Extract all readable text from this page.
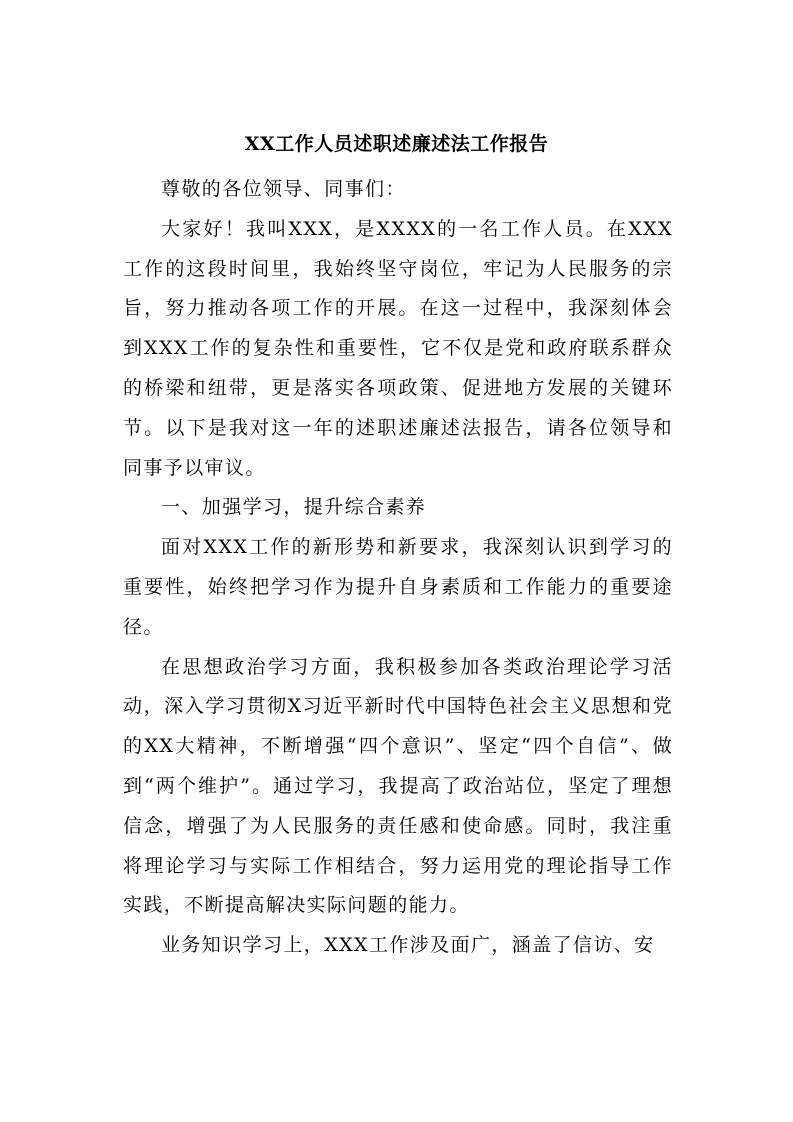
XX工作人员述职述廉述法工作报告

尊敬的各位领导、同事们：

大家好！我叫XXX，是XXXX的一名工作人员。在XXX工作的这段时间里，我始终坚守岗位，牢记为人民服务的宗旨，努力推动各项工作的开展。在这一过程中，我深刻体会到XXX工作的复杂性和重要性，它不仅是党和政府联系群众的桥梁和纽带，更是落实各项政策、促进地方发展的关键环节。以下是我对这一年的述职述廉述法报告，请各位领导和同事予以审议。

一、加强学习，提升综合素养

面对XXX工作的新形势和新要求，我深刻认识到学习的重要性，始终把学习作为提升自身素质和工作能力的重要途径。

在思想政治学习方面，我积极参加各类政治理论学习活动，深入学习贯彻X习近平新时代中国特色社会主义思想和党的XX大精神，不断增强“四个意识”、坚定“四个自信”、做到“两个维护”。通过学习，我提高了政治站位，坚定了理想信念，增强了为人民服务的责任感和使命感。同时，我注重将理论学习与实际工作相结合，努力运用党的理论指导工作实践，不断提高解决实际问题的能力。

业务知识学习上，XXX工作涉及面广，涵盖了信访、安
